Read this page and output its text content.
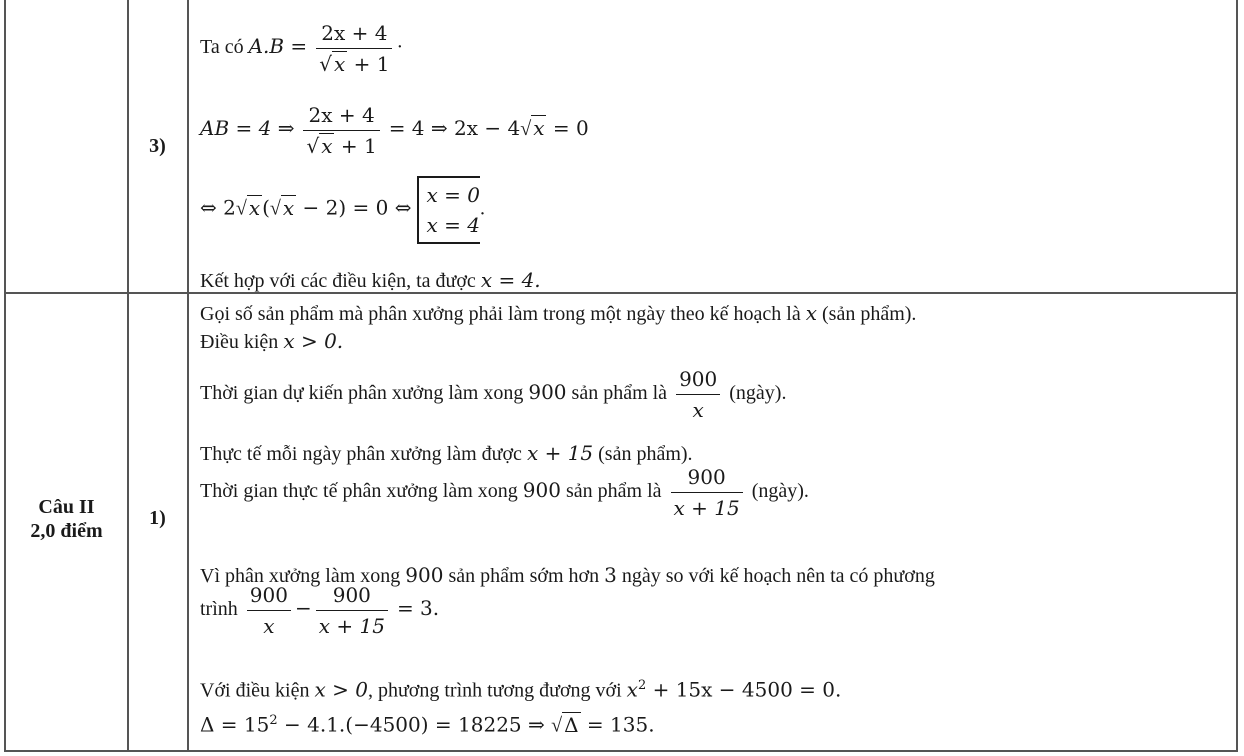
3)
Ta có $A.B = \frac{2x + 4}{√ x + 1}$ ·
AB = 4 ⇒ $\frac{2x + 4}{√ x + 1} = 4$ ⇒ 2x − 4√ x = 0
⇔ 2√ x (√ x − 2) = 0 ⇔
x = 0
x = 4
.
Kết hợp với các điều kiện, ta được x = 4.
Câu II
2,0 điểm
1)
Gọi số sản phẩm mà phân xưởng phải làm trong một ngày theo kế hoạch là x (sản phẩm).
Điều kiện x > 0.
Thời gian dự kiến phân xưởng làm xong 900 sản phẩm là $\frac{900}{x}$ (ngày).
Thực tế mỗi ngày phân xưởng làm được x + 15 (sản phẩm).
Thời gian thực tế phân xưởng làm xong 900 sản phẩm là $\frac{900}{x + 15}$ (ngày).
Vì phân xưởng làm xong 900 sản phẩm sớm hơn 3 ngày so với kế hoạch nên ta có phương
trình $\frac{900}{x} - \frac{900}{x + 15} = 3$.
Với điều kiện x > 0, phương trình tương đương với $x^2 + 15x - 4500 = 0$.
$\Delta = 15^2 - 4.1.(-4500) = 18225$ ⇒ √ Δ = 135.
